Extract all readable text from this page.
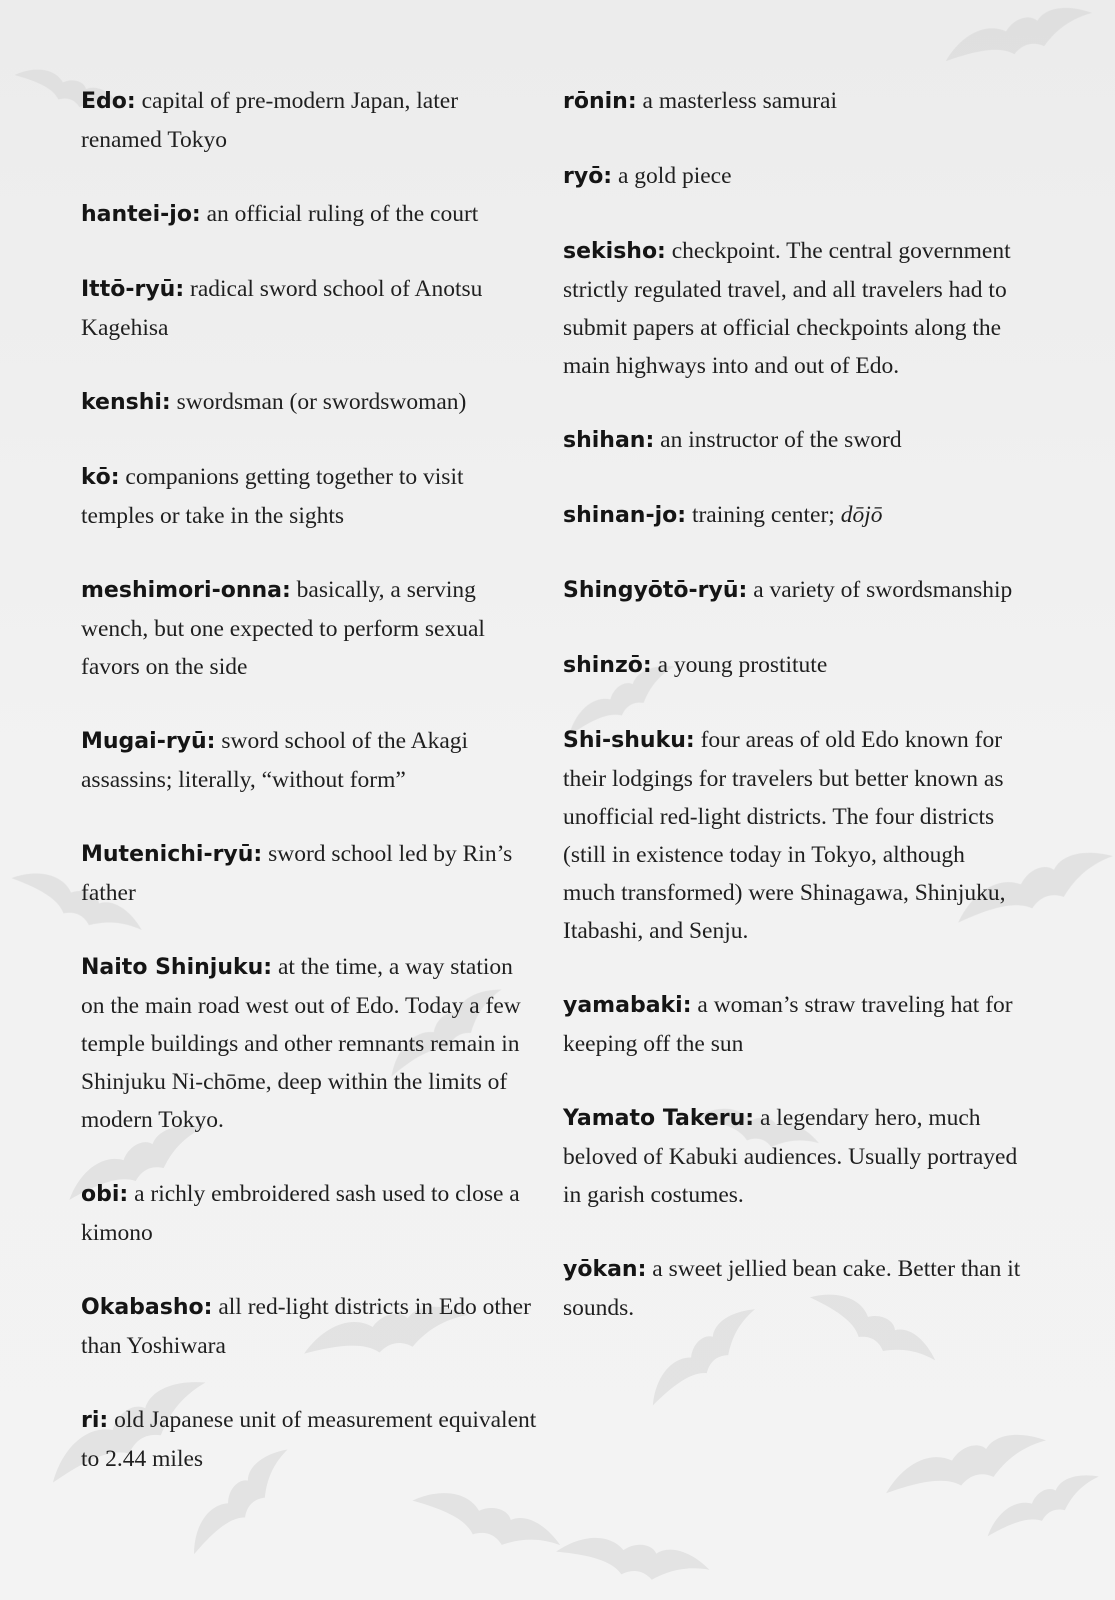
Edo: capital of pre-modern Japan, later renamed Tokyo

hantei-jo: an official ruling of the court

Ittō-ryū: radical sword school of Anotsu Kagehisa

kenshi: swordsman (or swordswoman)

kō: companions getting together to visit temples or take in the sights

meshimori-onna: basically, a serving wench, but one expected to perform sexual favors on the side

Mugai-ryū: sword school of the Akagi assassins; literally, “without form”

Mutenichi-ryū: sword school led by Rin’s father

Naito Shinjuku: at the time, a way station on the main road west out of Edo. Today a few temple buildings and other remnants remain in Shinjuku Ni-chōme, deep within the limits of modern Tokyo.

obi: a richly embroidered sash used to close a kimono

Okabasho: all red-light districts in Edo other than Yoshiwara

ri: old Japanese unit of measurement equivalent to 2.44 miles

rōnin: a masterless samurai

ryō: a gold piece

sekisho: checkpoint. The central government strictly regulated travel, and all travelers had to submit papers at official checkpoints along the main highways into and out of Edo.

shihan: an instructor of the sword

shinan-jo: training center; dōjō

Shingyōtō-ryū: a variety of swordsmanship

shinzō: a young prostitute

Shi-shuku: four areas of old Edo known for their lodgings for travelers but better known as unofficial red-light districts. The four districts (still in existence today in Tokyo, although much transformed) were Shinagawa, Shinjuku, Itabashi, and Senju.

yamabaki: a woman’s straw traveling hat for keeping off the sun

Yamato Takeru: a legendary hero, much beloved of Kabuki audiences. Usually portrayed in garish costumes.

yōkan: a sweet jellied bean cake. Better than it sounds.
